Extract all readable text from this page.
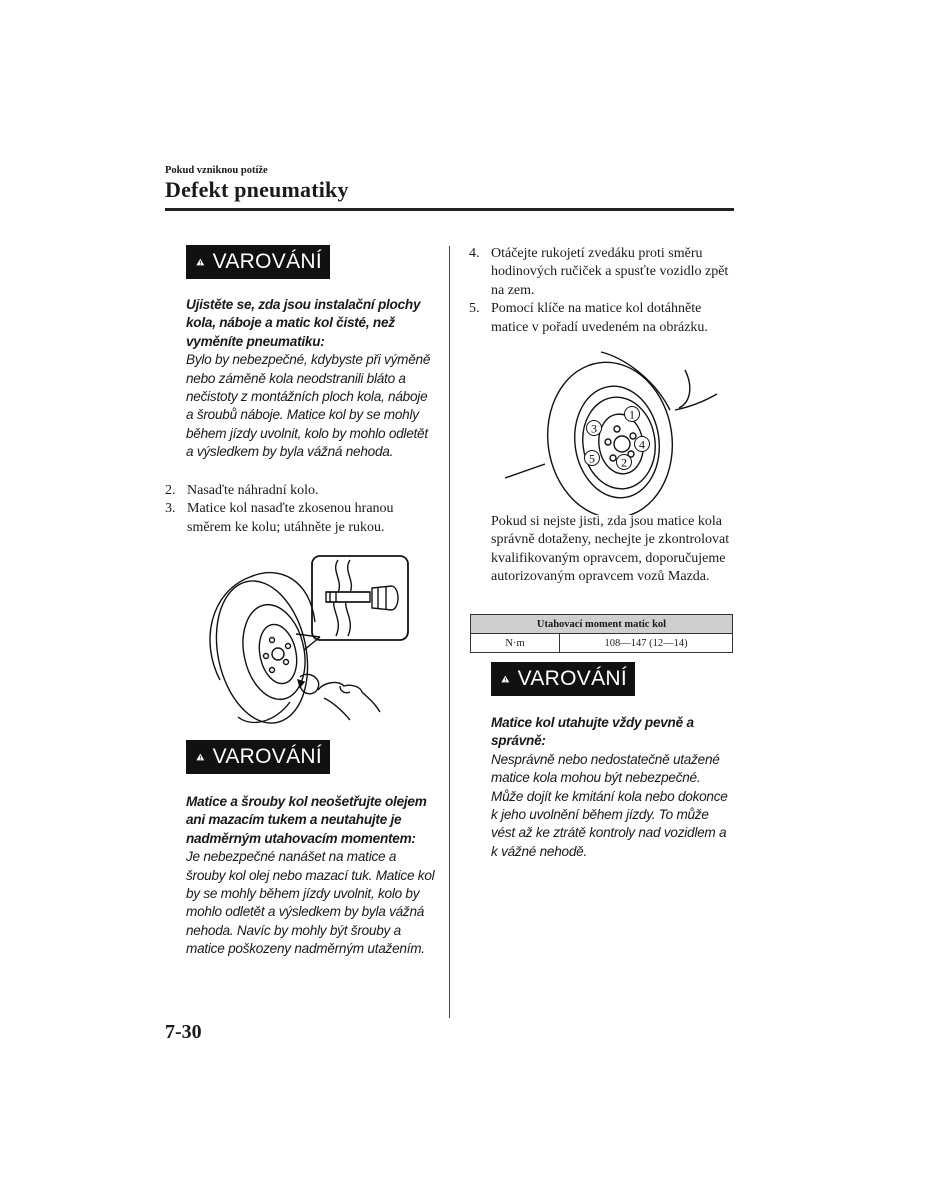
Pokud vzniknou potíže
Defekt pneumatiky
VAROVÁNÍ
Ujistěte se, zda jsou instalační plochy kola, náboje a matic kol čisté, než vyměníte pneumatiku:
Bylo by nebezpečné, kdybyste při výměně nebo záměně kola neodstranili bláto a nečistoty z montážních ploch kola, náboje a šroubů náboje. Matice kol by se mohly během jízdy uvolnit, kolo by mohlo odletět a výsledkem by byla vážná nehoda.
2. Nasaďte náhradní kolo.
3. Matice kol nasaďte zkosenou hranou směrem ke kolu; utáhněte je rukou.
VAROVÁNÍ
Matice a šrouby kol neošetřujte olejem ani mazacím tukem a neutahujte je nadměrným utahovacím momentem:
Je nebezpečné nanášet na matice a šrouby kol olej nebo mazací tuk. Matice kol by se mohly během jízdy uvolnit, kolo by mohlo odletět a výsledkem by byla vážná nehoda. Navíc by mohly být šrouby a matice poškozeny nadměrným utažením.
4. Otáčejte rukojetí zvedáku proti směru hodinových ručiček a spusťte vozidlo zpět na zem.
5. Pomocí klíče na matice kol dotáhněte matice v pořadí uvedeném na obrázku.
1
2
3
4
5
Pokud si nejste jisti, zda jsou matice kola správně dotaženy, nechejte je zkontrolovat kvalifikovaným opravcem, doporučujeme autorizovaným opravcem vozů Mazda.
Utahovací moment matic kol
N·m	108—147 (12—14)
VAROVÁNÍ
Matice kol utahujte vždy pevně a správně:
Nesprávně nebo nedostatečně utažené matice kola mohou být nebezpečné. Může dojít ke kmitání kola nebo dokonce k jeho uvolnění během jízdy. To může vést až ke ztrátě kontroly nad vozidlem a k vážné nehodě.
7-30
